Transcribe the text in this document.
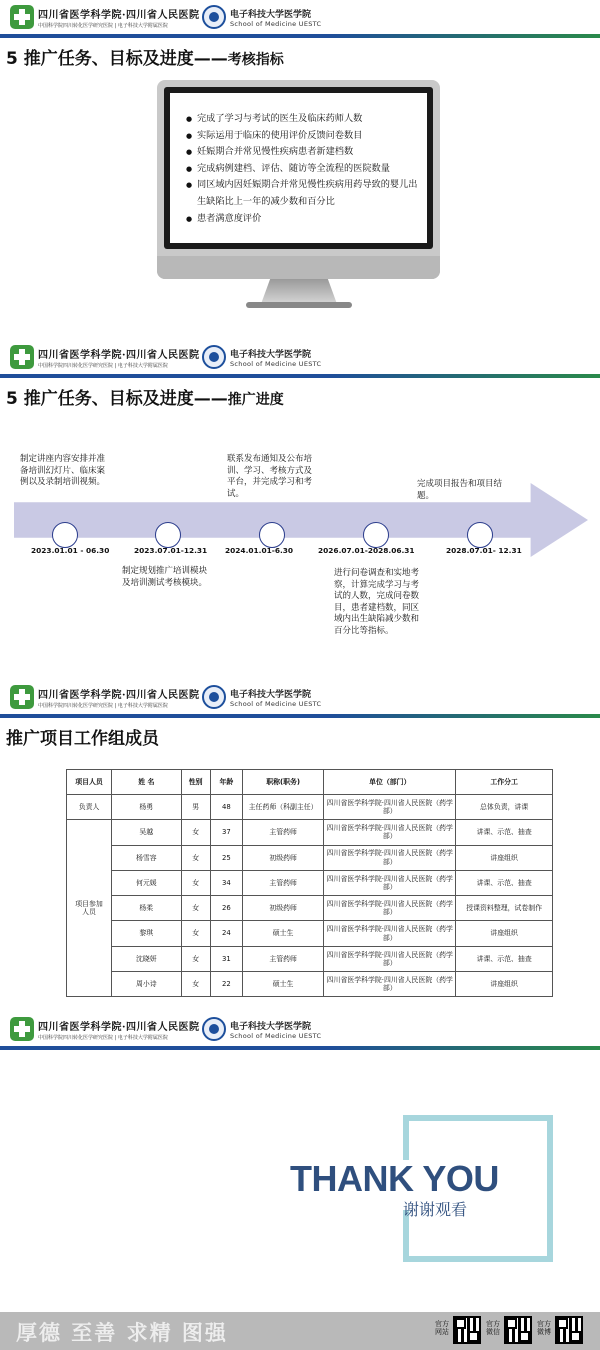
四川省医学科学院·四川省人民医院
中国科学院四川转化医学研究医院 | 电子科技大学附属医院
电子科技大学医学院
School of Medicine UESTC
5 推广任务、目标及进度——考核指标
● 完成了学习与考试的医生及临床药师人数
● 实际运用于临床的使用评价反馈问卷数目
● 妊娠期合并常见慢性疾病患者新建档数
● 完成病例建档、评估、随访等全流程的医院数量
● 同区域内因妊娠期合并常见慢性疾病用药导致的婴儿出生缺陷比上一年的减少数和百分比
● 患者满意度评价
四川省医学科学院·四川省人民医院
中国科学院四川转化医学研究医院 | 电子科技大学附属医院
电子科技大学医学院
School of Medicine UESTC
5 推广任务、目标及进度——推广进度
2023.01.01 - 06.30	2023.07.01-12.31 2024.01.01-6.30	2026.07.01-2028.06.31	2028.07.01- 12.31
制定讲座内容安排并准备培训幻灯片、临床案例以及录制培训视频。
制定规划推广培训模块及培训测试考核模块。
联系发布通知及公布培训、学习、考核方式及平台，并完成学习和考试。
进行问卷调查和实地考察，计算完成学习与考试的人数，完成问卷数目，患者建档数，同区域内出生缺陷减少数和百分比等指标。
完成项目报告和项目结题。
四川省医学科学院·四川省人民医院
中国科学院四川转化医学研究医院 | 电子科技大学附属医院
电子科技大学医学院
School of Medicine UESTC
推广项目工作组成员
项目人员	姓 名	性别	年龄	职称(职务)	单位（部门）	工作分工
负责人	杨勇	男	48	主任药师（科副主任）	四川省医学科学院·四川省人民医院（药学部）	总体负责，讲课
项目参加人员	吴越	女	37	主管药师	四川省医学科学院·四川省人民医院（药学部）	讲课、示范、抽查
	杨雪容	女	25	初级药师	四川省医学科学院·四川省人民医院（药学部）	讲座组织
	何元媛	女	34	主管药师	四川省医学科学院·四川省人民医院（药学部）	讲课、示范、抽查
	杨柔	女	26	初级药师	四川省医学科学院·四川省人民医院（药学部）	授课资料整理，试卷制作
	黎琪	女	24	硕士生	四川省医学科学院·四川省人民医院（药学部）	讲座组织
	沈晓妍	女	31	主管药师	四川省医学科学院·四川省人民医院（药学部）	讲课、示范、抽查
	周小诗	女	22	硕士生	四川省医学科学院·四川省人民医院（药学部）	讲座组织
四川省医学科学院·四川省人民医院
中国科学院四川转化医学研究医院 | 电子科技大学附属医院
电子科技大学医学院
School of Medicine UESTC
THANK YOU
谢谢观看
厚德 至善 求精 图强	官方网站
官方微信
官方微博
